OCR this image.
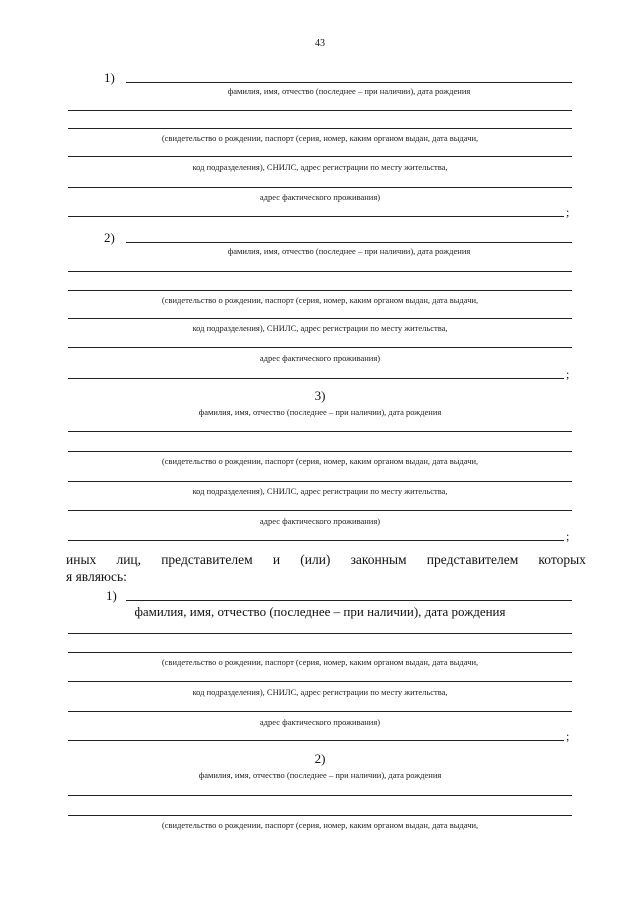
43
1)
фамилия, имя, отчество (последнее – при наличии), дата рождения
(свидетельство о рождении, паспорт (серия, номер, каким органом выдан, дата выдачи,
код подразделения), СНИЛС, адрес регистрации по месту жительства,
адрес фактического проживания)
;
2)
фамилия, имя, отчество (последнее – при наличии), дата рождения
(свидетельство о рождении, паспорт (серия, номер, каким органом выдан, дата выдачи,
код подразделения), СНИЛС, адрес регистрации по месту жительства,
адрес фактического проживания)
;
3)
фамилия, имя, отчество (последнее – при наличии), дата рождения
(свидетельство о рождении, паспорт (серия, номер, каким органом выдан, дата выдачи,
код подразделения), СНИЛС, адрес регистрации по месту жительства,
адрес фактического проживания)
;
иных лиц, представителем и (или) законным представителем которых
я являюсь:
1)
фамилия, имя, отчество (последнее – при наличии), дата рождения
(свидетельство о рождении, паспорт (серия, номер, каким органом выдан, дата выдачи,
код подразделения), СНИЛС, адрес регистрации по месту жительства,
адрес фактического проживания)
;
2)
фамилия, имя, отчество (последнее – при наличии), дата рождения
(свидетельство о рождении, паспорт (серия, номер, каким органом выдан, дата выдачи,
